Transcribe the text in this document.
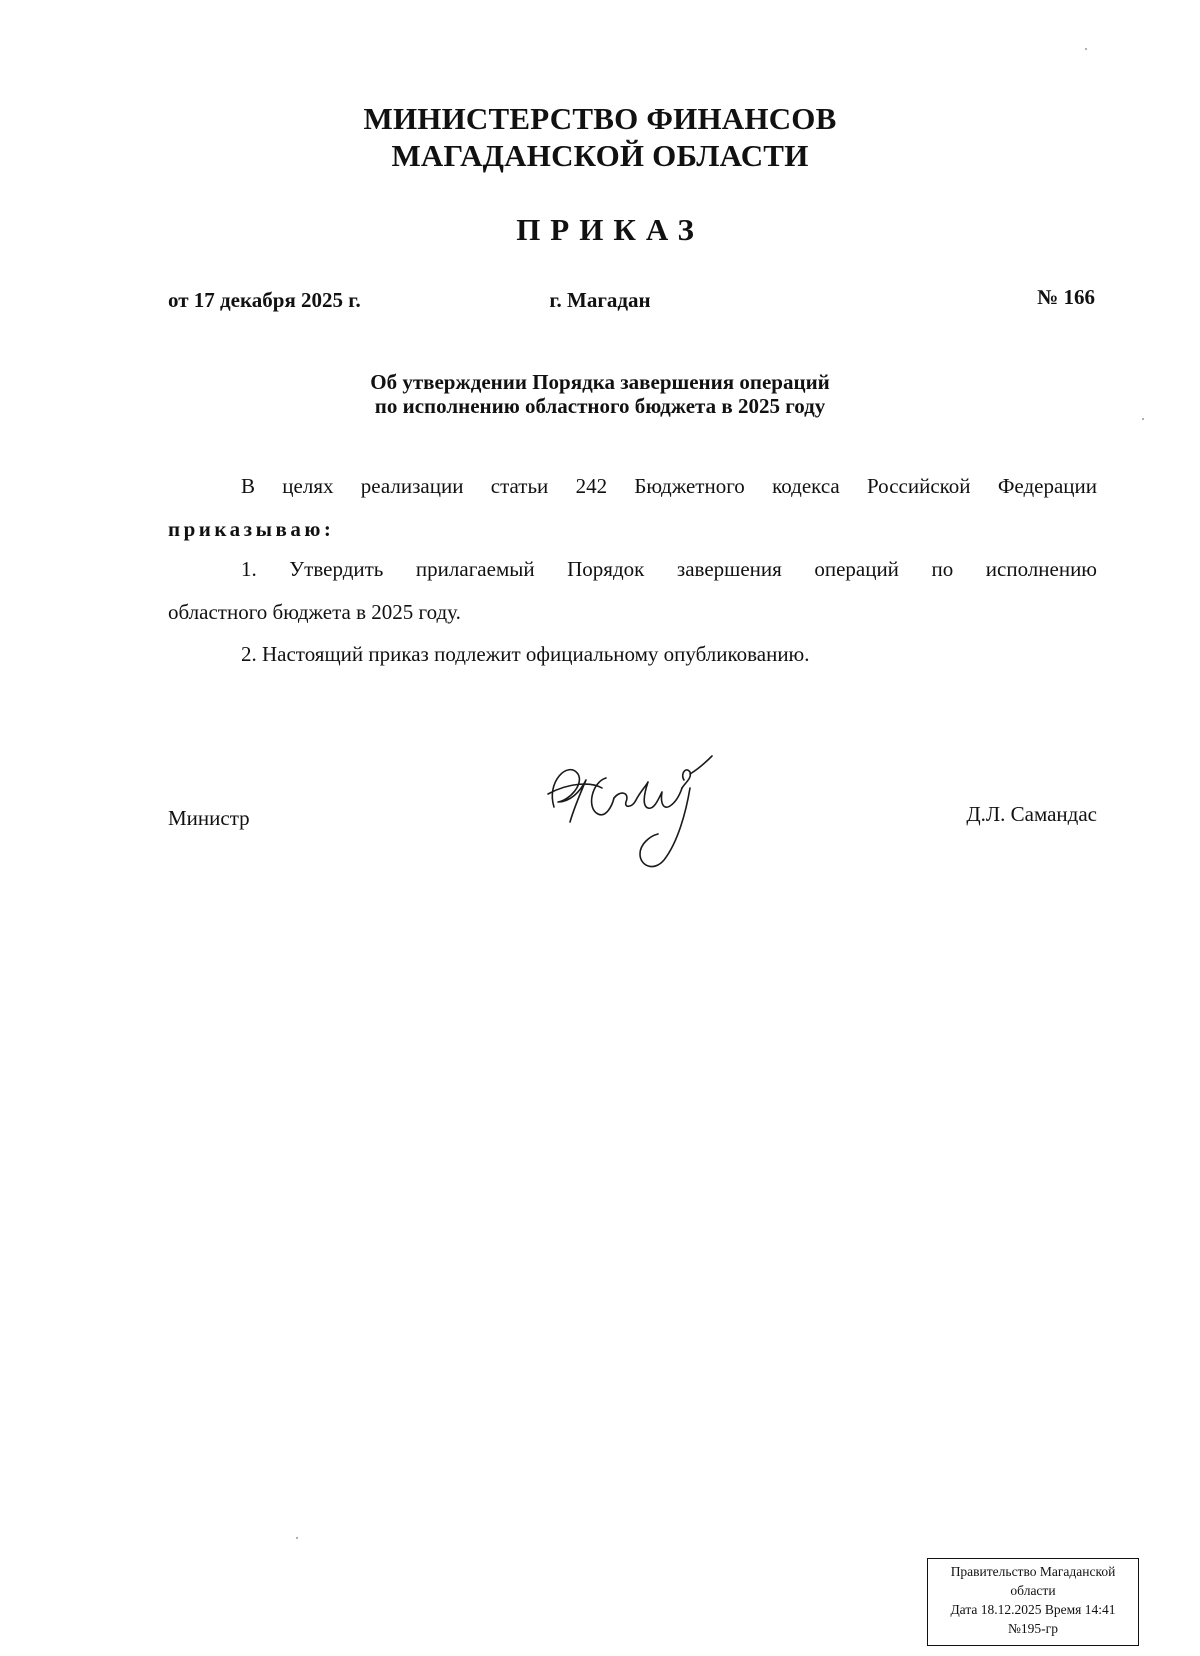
МИНИСТЕРСТВО ФИНАНСОВ
МАГАДАНСКОЙ ОБЛАСТИ
ПРИКАЗ
от 17 декабря 2025 г.	г. Магадан	№ 166
Об утверждении Порядка завершения операций
по исполнению областного бюджета в 2025 году
В целях реализации статьи 242 Бюджетного кодекса Российской Федерации
приказываю:
1. Утвердить прилагаемый Порядок завершения операций по исполнению
областного бюджета в 2025 году.
2. Настоящий приказ подлежит официальному опубликованию.
Министр	Д.Л. Самандас
Правительство Магаданской
области
Дата 18.12.2025 Время 14:41
№195-гр
